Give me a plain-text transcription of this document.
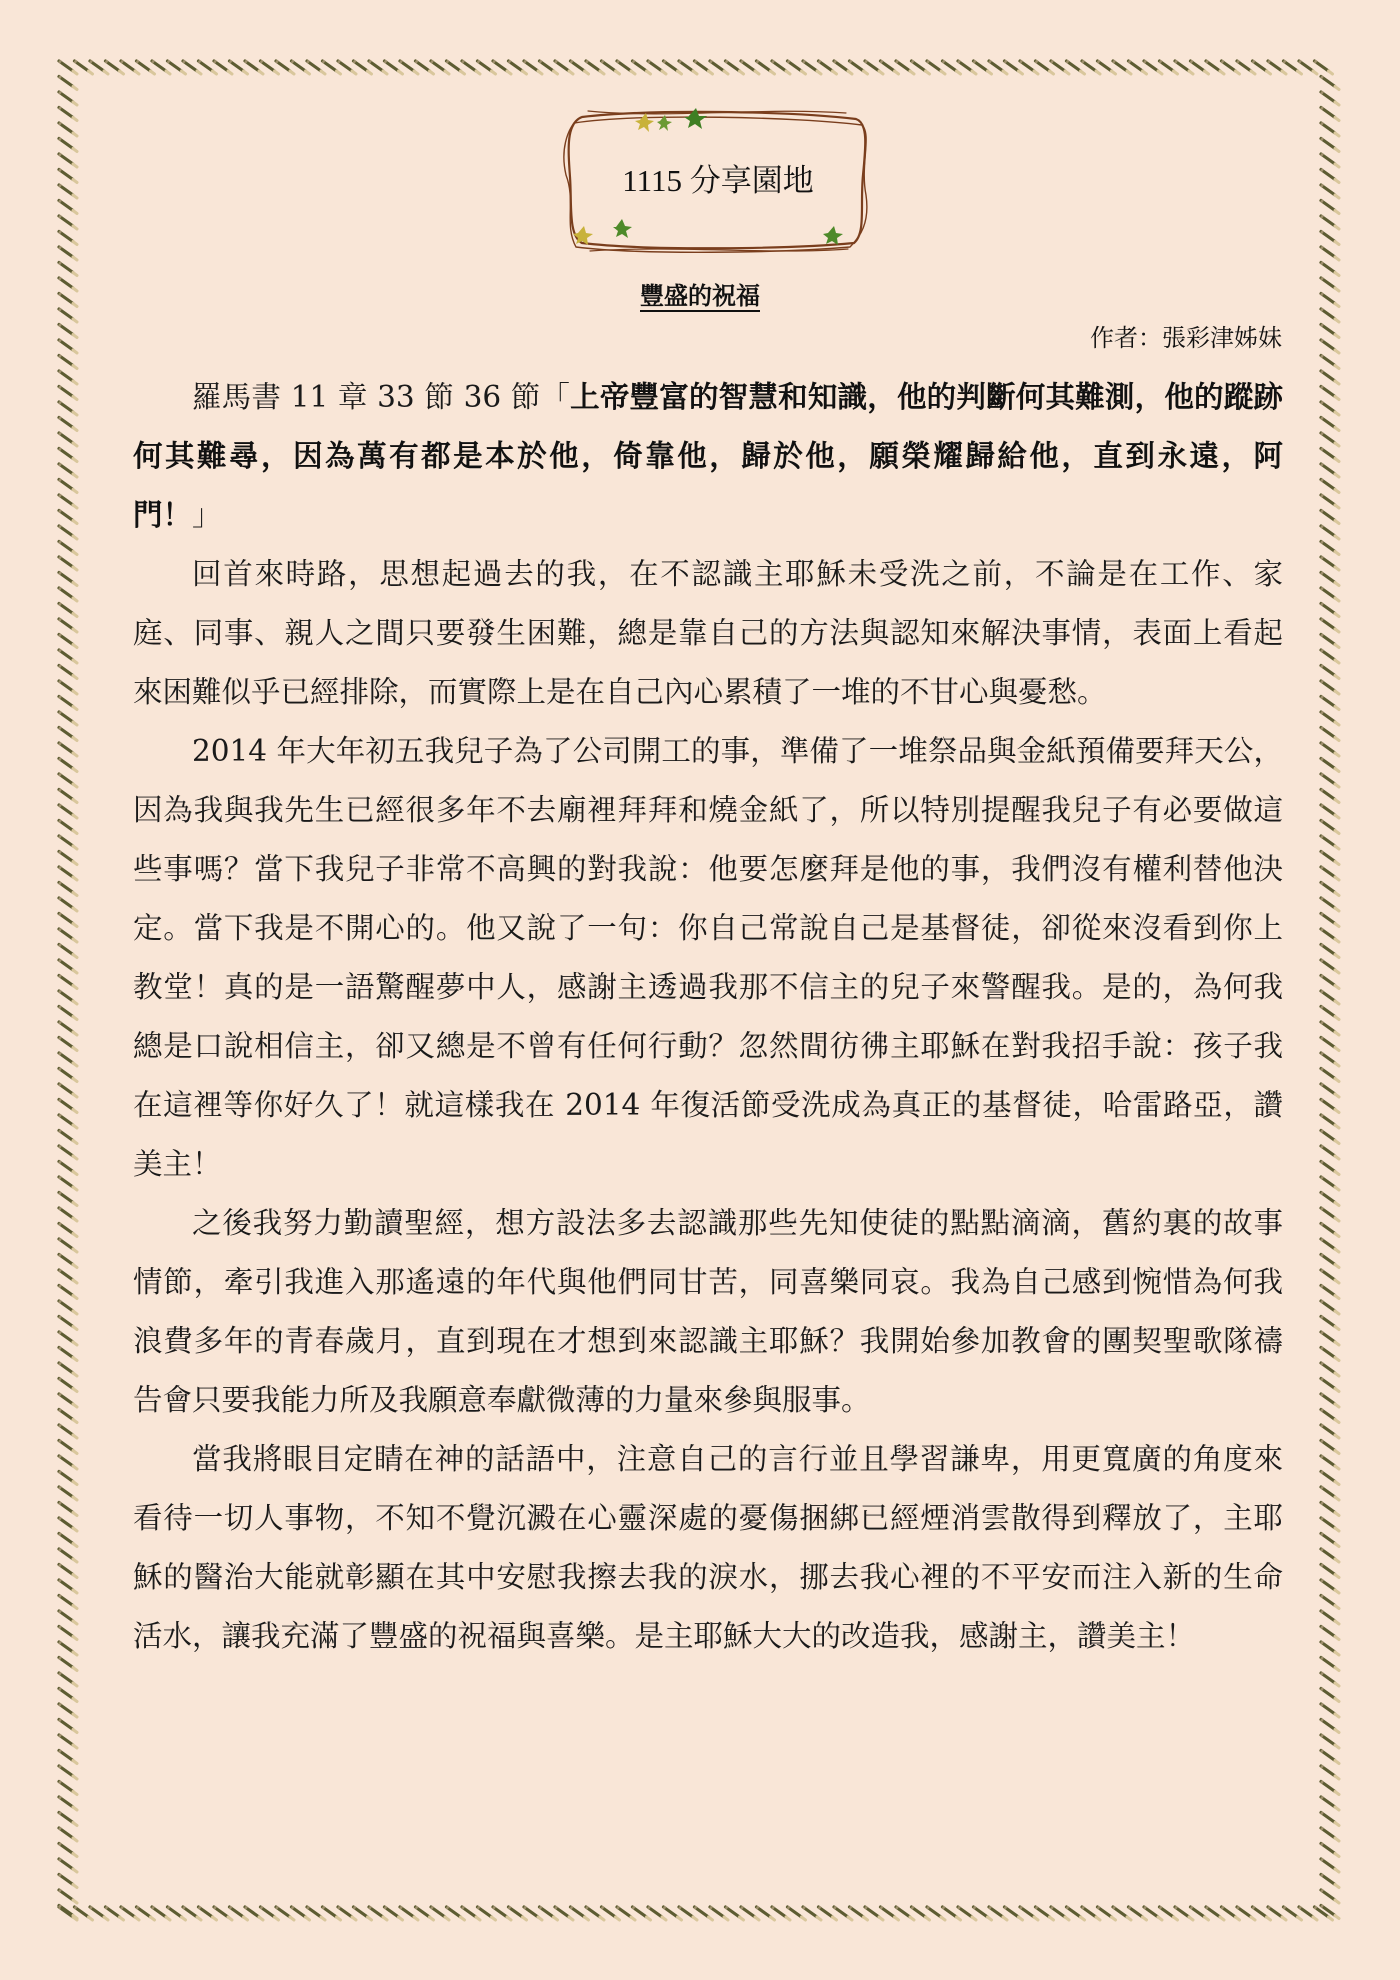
1115 分享園地
豐盛的祝福
作者：張彩津姊妹

羅馬書 11 章 33 節 36 節「上帝豐富的智慧和知識，他的判斷何其難測，他的蹤跡何其難尋，因為萬有都是本於他，倚靠他，歸於他，願榮耀歸給他，直到永遠，阿門！」

回首來時路，思想起過去的我，在不認識主耶穌未受洗之前，不論是在工作、家庭、同事、親人之間只要發生困難，總是靠自己的方法與認知來解決事情，表面上看起來困難似乎已經排除，而實際上是在自己內心累積了一堆的不甘心與憂愁。

2014 年大年初五我兒子為了公司開工的事，準備了一堆祭品與金紙預備要拜天公，因為我與我先生已經很多年不去廟裡拜拜和燒金紙了，所以特別提醒我兒子有必要做這些事嗎？當下我兒子非常不高興的對我說：他要怎麼拜是他的事，我們沒有權利替他決定。當下我是不開心的。他又說了一句：你自己常說自己是基督徒，卻從來沒看到你上教堂！真的是一語驚醒夢中人，感謝主透過我那不信主的兒子來警醒我。是的，為何我總是口說相信主，卻又總是不曾有任何行動？忽然間彷彿主耶穌在對我招手說：孩子我在這裡等你好久了！就這樣我在 2014 年復活節受洗成為真正的基督徒，哈雷路亞，讚美主！

之後我努力勤讀聖經，想方設法多去認識那些先知使徒的點點滴滴，舊約裏的故事情節，牽引我進入那遙遠的年代與他們同甘苦，同喜樂同哀。我為自己感到惋惜為何我浪費多年的青春歲月，直到現在才想到來認識主耶穌？我開始參加教會的團契聖歌隊禱告會只要我能力所及我願意奉獻微薄的力量來參與服事。

當我將眼目定睛在神的話語中，注意自己的言行並且學習謙卑，用更寬廣的角度來看待一切人事物，不知不覺沉澱在心靈深處的憂傷捆綁已經煙消雲散得到釋放了，主耶穌的醫治大能就彰顯在其中安慰我擦去我的淚水，挪去我心裡的不平安而注入新的生命活水，讓我充滿了豐盛的祝福與喜樂。是主耶穌大大的改造我，感謝主，讚美主！
